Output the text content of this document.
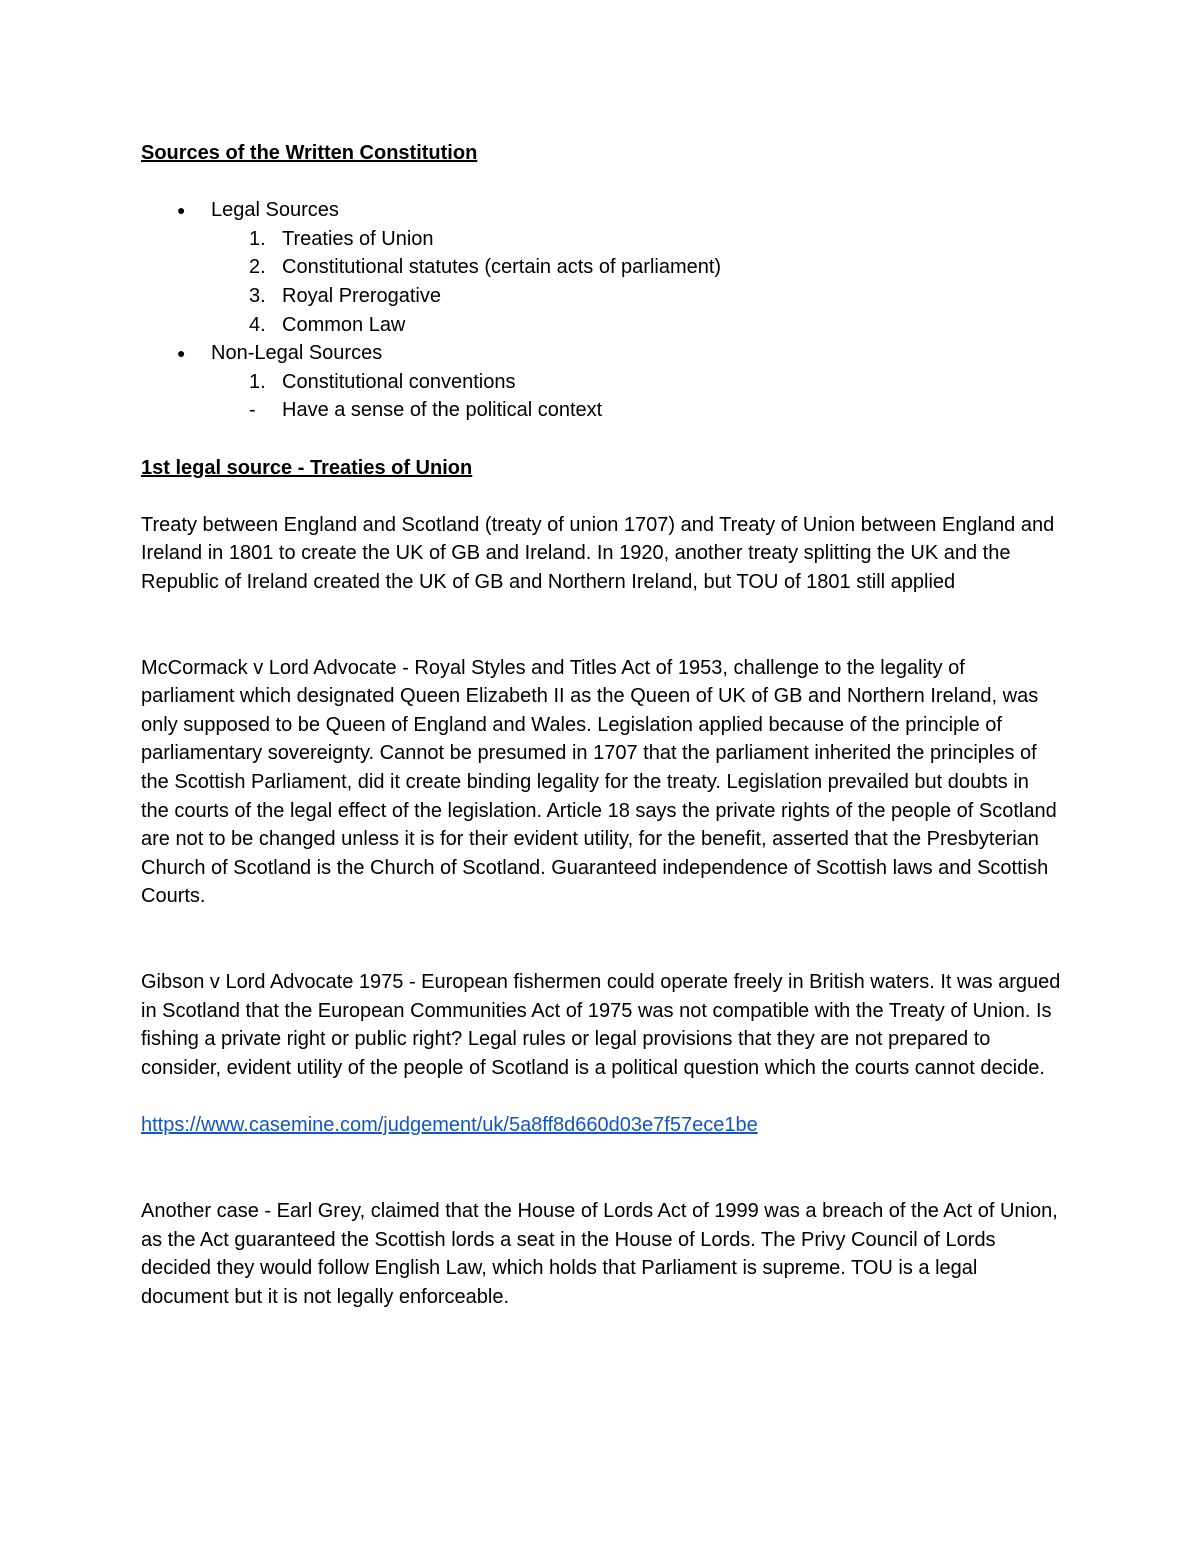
Sources of the Written Constitution
● Legal Sources
1. Treaties of Union
2. Constitutional statutes (certain acts of parliament)
3. Royal Prerogative
4. Common Law
● Non-Legal Sources
1. Constitutional conventions
- Have a sense of the political context
1st legal source - Treaties of Union

Treaty between England and Scotland (treaty of union 1707) and Treaty of Union between England and Ireland in 1801 to create the UK of GB and Ireland. In 1920, another treaty splitting the UK and the Republic of Ireland created the UK of GB and Northern Ireland, but TOU of 1801 still applied

McCormack v Lord Advocate - Royal Styles and Titles Act of 1953, challenge to the legality of parliament which designated Queen Elizabeth II as the Queen of UK of GB and Northern Ireland, was only supposed to be Queen of England and Wales. Legislation applied because of the principle of parliamentary sovereignty. Cannot be presumed in 1707 that the parliament inherited the principles of the Scottish Parliament, did it create binding legality for the treaty. Legislation prevailed but doubts in the courts of the legal effect of the legislation. Article 18 says the private rights of the people of Scotland are not to be changed unless it is for their evident utility, for the benefit, asserted that the Presbyterian Church of Scotland is the Church of Scotland. Guaranteed independence of Scottish laws and Scottish Courts.

Gibson v Lord Advocate 1975 - European fishermen could operate freely in British waters. It was argued in Scotland that the European Communities Act of 1975 was not compatible with the Treaty of Union. Is fishing a private right or public right? Legal rules or legal provisions that they are not prepared to consider, evident utility of the people of Scotland is a political question which the courts cannot decide.

https://www.casemine.com/judgement/uk/5a8ff8d660d03e7f57ece1be

Another case - Earl Grey, claimed that the House of Lords Act of 1999 was a breach of the Act of Union, as the Act guaranteed the Scottish lords a seat in the House of Lords. The Privy Council of Lords decided they would follow English Law, which holds that Parliament is supreme. TOU is a legal document but it is not legally enforceable.
